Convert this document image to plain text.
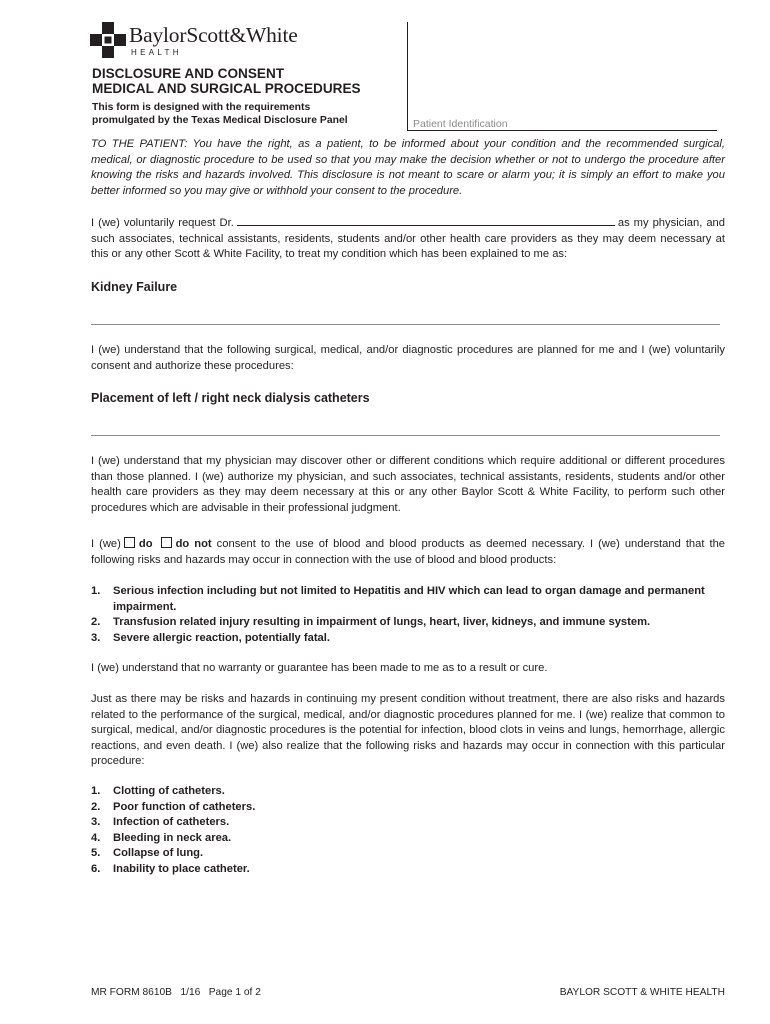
BaylorScott&White
HEALTH
DISCLOSURE AND CONSENT
MEDICAL AND SURGICAL PROCEDURES
This form is designed with the requirements
promulgated by the Texas Medical Disclosure Panel	Patient Identification
TO THE PATIENT: You have the right, as a patient, to be informed about your condition and the recommended surgical, medical, or diagnostic procedure to be used so that you may make the decision whether or not to undergo the procedure after knowing the risks and hazards involved. This disclosure is not meant to scare or alarm you; it is simply an effort to make you better informed so you may give or withhold your consent to the procedure.
I (we) voluntarily request Dr.	as my physician, and such associates, technical assistants, residents, students and/or other health care providers as they may deem necessary at this or any other Scott & White Facility, to treat my condition which has been explained to me as:
Kidney Failure
I (we) understand that the following surgical, medical, and/or diagnostic procedures are planned for me and I (we) voluntarily consent and authorize these procedures:
Placement of left / right neck dialysis catheters
I (we) understand that my physician may discover other or different conditions which require additional or different procedures than those planned. I (we) authorize my physician, and such associates, technical assistants, residents, students and/or other health care providers as they may deem necessary at this or any other Baylor Scott & White Facility, to perform such other procedures which are advisable in their professional judgment.
I (we) do do not consent to the use of blood and blood products as deemed necessary. I (we) understand that the following risks and hazards may occur in connection with the use of blood and blood products:
1.	Serious infection including but not limited to Hepatitis and HIV which can lead to organ damage and permanent impairment.
2.	Transfusion related injury resulting in impairment of lungs, heart, liver, kidneys, and immune system.
3.	Severe allergic reaction, potentially fatal.
I (we) understand that no warranty or guarantee has been made to me as to a result or cure.
Just as there may be risks and hazards in continuing my present condition without treatment, there are also risks and hazards related to the performance of the surgical, medical, and/or diagnostic procedures planned for me. I (we) realize that common to surgical, medical, and/or diagnostic procedures is the potential for infection, blood clots in veins and lungs, hemorrhage, allergic reactions, and even death. I (we) also realize that the following risks and hazards may occur in connection with this particular procedure:
1.	Clotting of catheters.
2.	Poor function of catheters.
3.	Infection of catheters.
4.	Bleeding in neck area.
5.	Collapse of lung.
6.	Inability to place catheter.
MR FORM 8610B   1/16   Page 1 of 2	BAYLOR SCOTT & WHITE HEALTH
